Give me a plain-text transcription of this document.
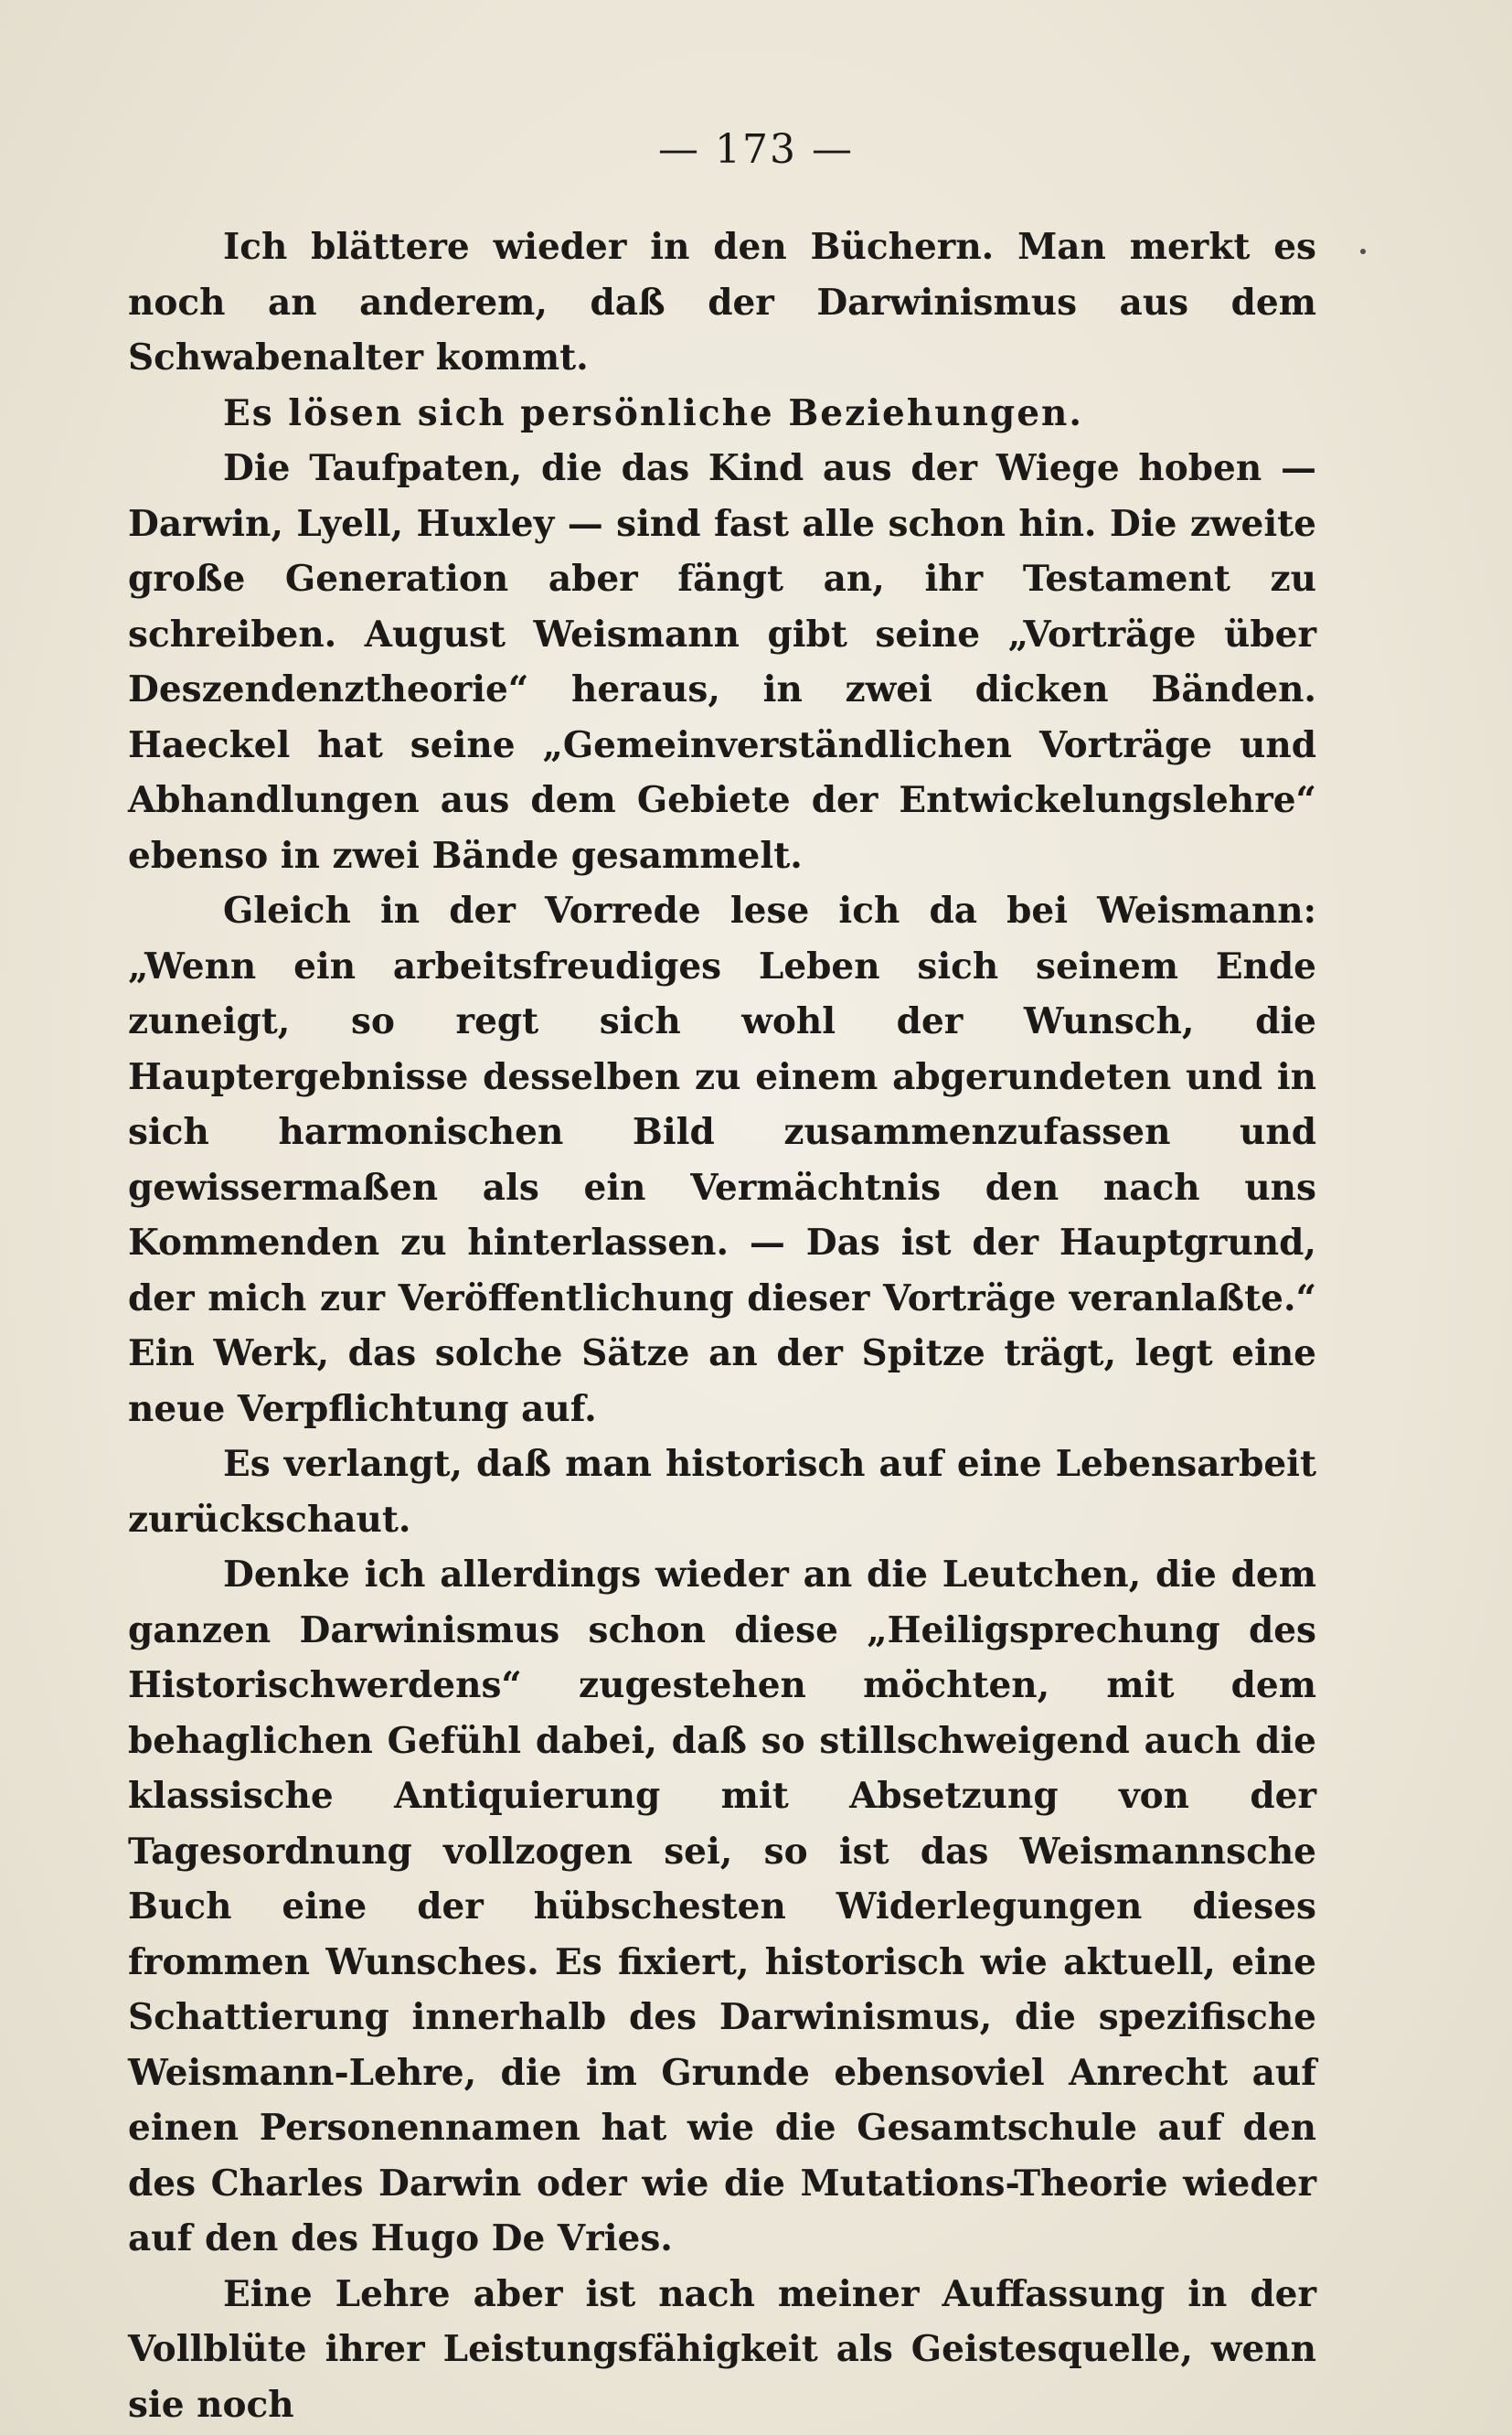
— 173 —

Ich blättere wieder in den Büchern. Man merkt es noch an anderem, daß der Darwinismus aus dem Schwabenalter kommt.

Es lösen sich persönliche Beziehungen.

Die Taufpaten, die das Kind aus der Wiege hoben — Darwin, Lyell, Huxley — sind fast alle schon hin. Die zweite große Generation aber fängt an, ihr Testament zu schreiben. August Weismann gibt seine „Vorträge über Deszendenztheorie“ heraus, in zwei dicken Bänden. Haeckel hat seine „Gemeinverständlichen Vorträge und Abhandlungen aus dem Gebiete der Entwickelungslehre“ ebenso in zwei Bände gesammelt.

Gleich in der Vorrede lese ich da bei Weismann: „Wenn ein arbeitsfreudiges Leben sich seinem Ende zuneigt, so regt sich wohl der Wunsch, die Hauptergebnisse desselben zu einem abgerundeten und in sich harmonischen Bild zusammenzufassen und gewissermaßen als ein Vermächtnis den nach uns Kommenden zu hinterlassen. — Das ist der Hauptgrund, der mich zur Veröffentlichung dieser Vorträge veranlaßte.“ Ein Werk, das solche Sätze an der Spitze trägt, legt eine neue Verpflichtung auf.

Es verlangt, daß man historisch auf eine Lebensarbeit zurückschaut.

Denke ich allerdings wieder an die Leutchen, die dem ganzen Darwinismus schon diese „Heiligsprechung des Historischwerdens“ zugestehen möchten, mit dem behaglichen Gefühl dabei, daß so stillschweigend auch die klassische Antiquierung mit Absetzung von der Tagesordnung vollzogen sei, so ist das Weismannsche Buch eine der hübschesten Widerlegungen dieses frommen Wunsches. Es fixiert, historisch wie aktuell, eine Schattierung innerhalb des Darwinismus, die spezifische Weismann-Lehre, die im Grunde ebensoviel Anrecht auf einen Personennamen hat wie die Gesamtschule auf den des Charles Darwin oder wie die Mutations-Theorie wieder auf den des Hugo De Vries.

Eine Lehre aber ist nach meiner Auffassung in der Vollblüte ihrer Leistungsfähigkeit als Geistesquelle, wenn sie noch
